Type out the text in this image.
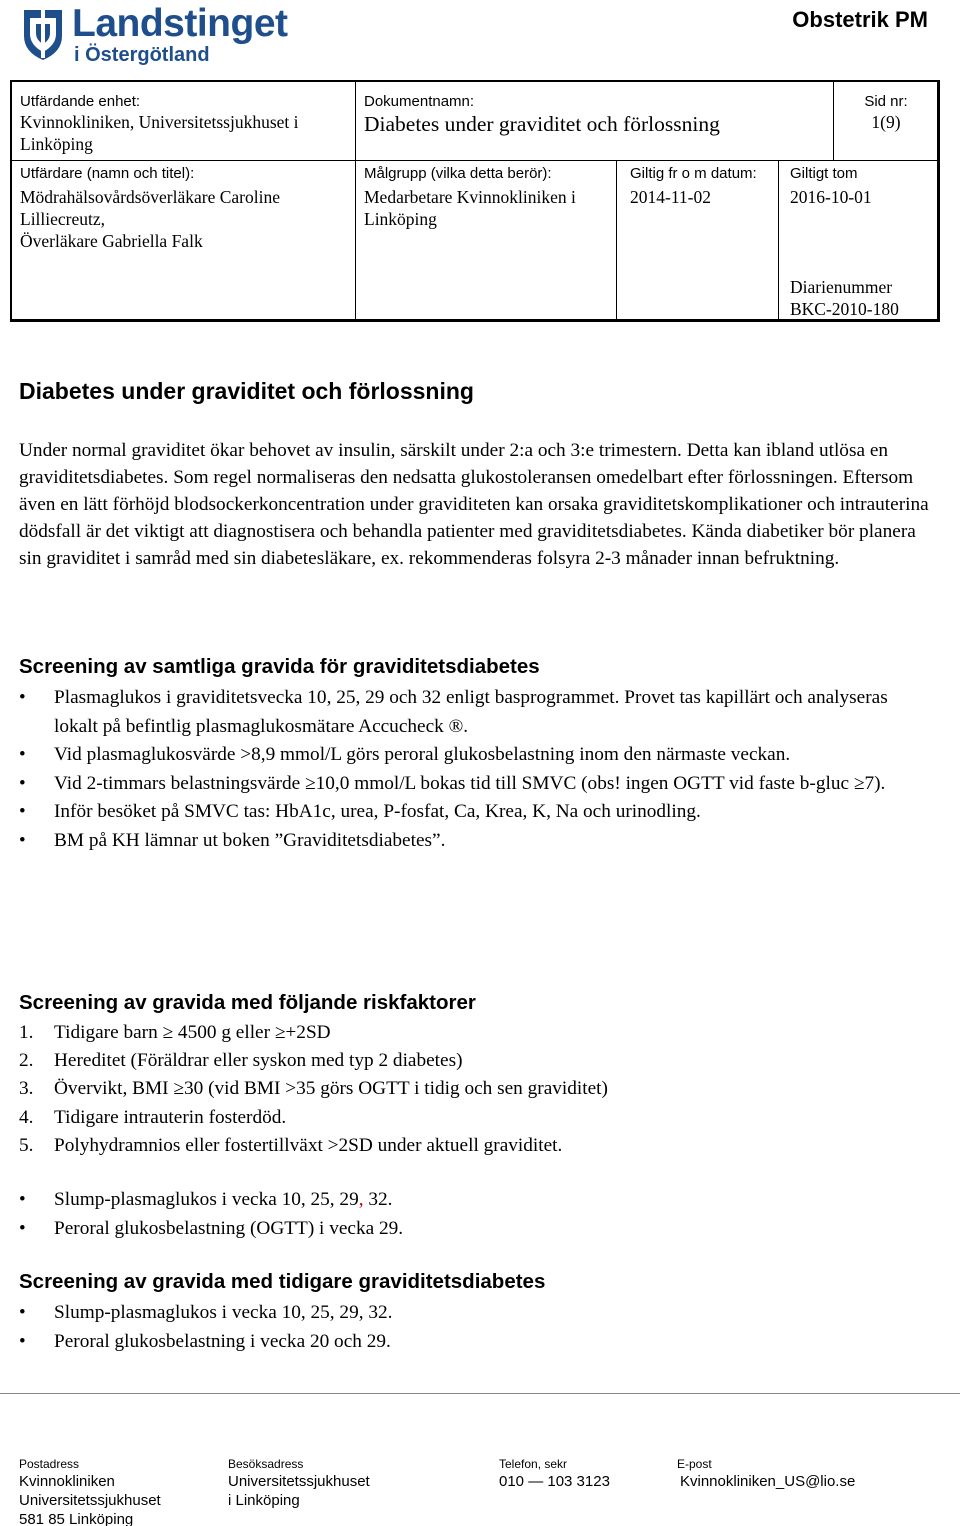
Landstinget
i Östergötland
Obstetrik PM
Utfärdande enhet:
Kvinnokliniken, Universitetssjukhuset i
Linköping
Dokumentnamn:
Diabetes under graviditet och förlossning
Sid nr:
1(9)
Utfärdare (namn och titel):
Mödrahälsovårdsöverläkare Caroline
Lilliecreutz,
Överläkare Gabriella Falk
Målgrupp (vilka detta berör):
Medarbetare Kvinnokliniken i
Linköping
Giltig fr o m datum:
2014-11-02
Giltigt tom
2016-10-01
Diarienummer
BKC-2010-180
Diabetes under graviditet och förlossning
Under normal graviditet ökar behovet av insulin, särskilt under 2:a och 3:e trimestern. Detta kan ibland utlösa en graviditetsdiabetes. Som regel normaliseras den nedsatta glukostoleransen omedelbart efter förlossningen. Eftersom även en lätt förhöjd blodsockerkoncentration under graviditeten kan orsaka graviditetskomplikationer och intrauterina dödsfall är det viktigt att diagnostisera och behandla patienter med graviditetsdiabetes. Kända diabetiker bör planera sin graviditet i samråd med sin diabetesläkare, ex. rekommenderas folsyra 2-3 månader innan befruktning.
Screening av samtliga gravida för graviditetsdiabetes
• Plasmaglukos i graviditetsvecka 10, 25, 29 och 32 enligt basprogrammet. Provet tas kapillärt och analyseras lokalt på befintlig plasmaglukosmätare Accucheck ®.
• Vid plasmaglukosvärde >8,9 mmol/L görs peroral glukosbelastning inom den närmaste veckan.
• Vid 2-timmars belastningsvärde ≥10,0 mmol/L bokas tid till SMVC (obs! ingen OGTT vid faste b-gluc ≥7).
• Inför besöket på SMVC tas: HbA1c, urea, P-fosfat, Ca, Krea, K, Na och urinodling.
• BM på KH lämnar ut boken ”Graviditetsdiabetes”.
Screening av gravida med följande riskfaktorer
1. Tidigare barn ≥ 4500 g eller ≥+2SD
2. Hereditet (Föräldrar eller syskon med typ 2 diabetes)
3. Övervikt, BMI ≥30 (vid BMI >35 görs OGTT i tidig och sen graviditet)
4. Tidigare intrauterin fosterdöd.
5. Polyhydramnios eller fostertillväxt >2SD under aktuell graviditet.
• Slump-plasmaglukos i vecka 10, 25, 29, 32.
• Peroral glukosbelastning (OGTT) i vecka 29.
Screening av gravida med tidigare graviditetsdiabetes
• Slump-plasmaglukos i vecka 10, 25, 29, 32.
• Peroral glukosbelastning i vecka 20 och 29.
Postadress
Kvinnokliniken
Universitetssjukhuset
581 85 Linköping
Besöksadress
Universitetssjukhuset
i Linköping
Telefon, sekr
010 — 103 3123
E-post
Kvinnokliniken_US@lio.se
